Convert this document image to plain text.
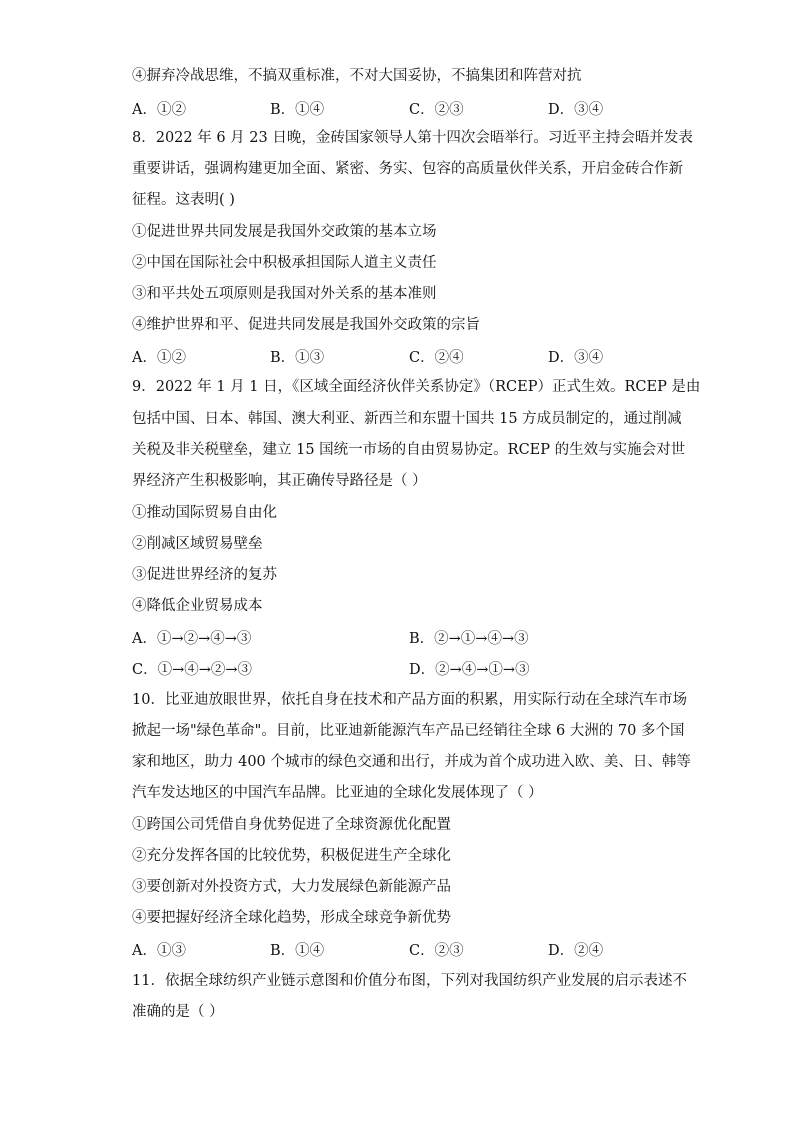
④摒弃冷战思维，不搞双重标准，不对大国妥协，不搞集团和阵营对抗
A．①②	B．①④	C．②③	D．③④
8．2022 年 6 月 23 日晚，金砖国家领导人第十四次会晤举行。习近平主持会晤并发表
重要讲话，强调构建更加全面、紧密、务实、包容的高质量伙伴关系，开启金砖合作新
征程。这表明( )
①促进世界共同发展是我国外交政策的基本立场
②中国在国际社会中积极承担国际人道主义责任
③和平共处五项原则是我国对外关系的基本准则
④维护世界和平、促进共同发展是我国外交政策的宗旨
A．①②	B．①③	C．②④	D．③④
9．2022 年 1 月 1 日，《区域全面经济伙伴关系协定》（RCEP）正式生效。RCEP 是由
包括中国、日本、韩国、澳大利亚、新西兰和东盟十国共 15 方成员制定的，通过削减
关税及非关税壁垒，建立 15 国统一市场的自由贸易协定。RCEP 的生效与实施会对世
界经济产生积极影响，其正确传导路径是（ ）
①推动国际贸易自由化
②削减区域贸易壁垒
③促进世界经济的复苏
④降低企业贸易成本
A．①→②→④→③	B．②→①→④→③
C．①→④→②→③	D．②→④→①→③
10．比亚迪放眼世界，依托自身在技术和产品方面的积累，用实际行动在全球汽车市场
掀起一场"绿色革命"。目前，比亚迪新能源汽车产品已经销往全球 6 大洲的 70 多个国
家和地区，助力 400 个城市的绿色交通和出行，并成为首个成功进入欧、美、日、韩等
汽车发达地区的中国汽车品牌。比亚迪的全球化发展体现了（ ）
①跨国公司凭借自身优势促进了全球资源优化配置
②充分发挥各国的比较优势，积极促进生产全球化
③要创新对外投资方式，大力发展绿色新能源产品
④要把握好经济全球化趋势，形成全球竞争新优势
A．①③	B．①④	C．②③	D．②④
11．依据全球纺织产业链示意图和价值分布图，下列对我国纺织产业发展的启示表述不
准确的是（ ）
